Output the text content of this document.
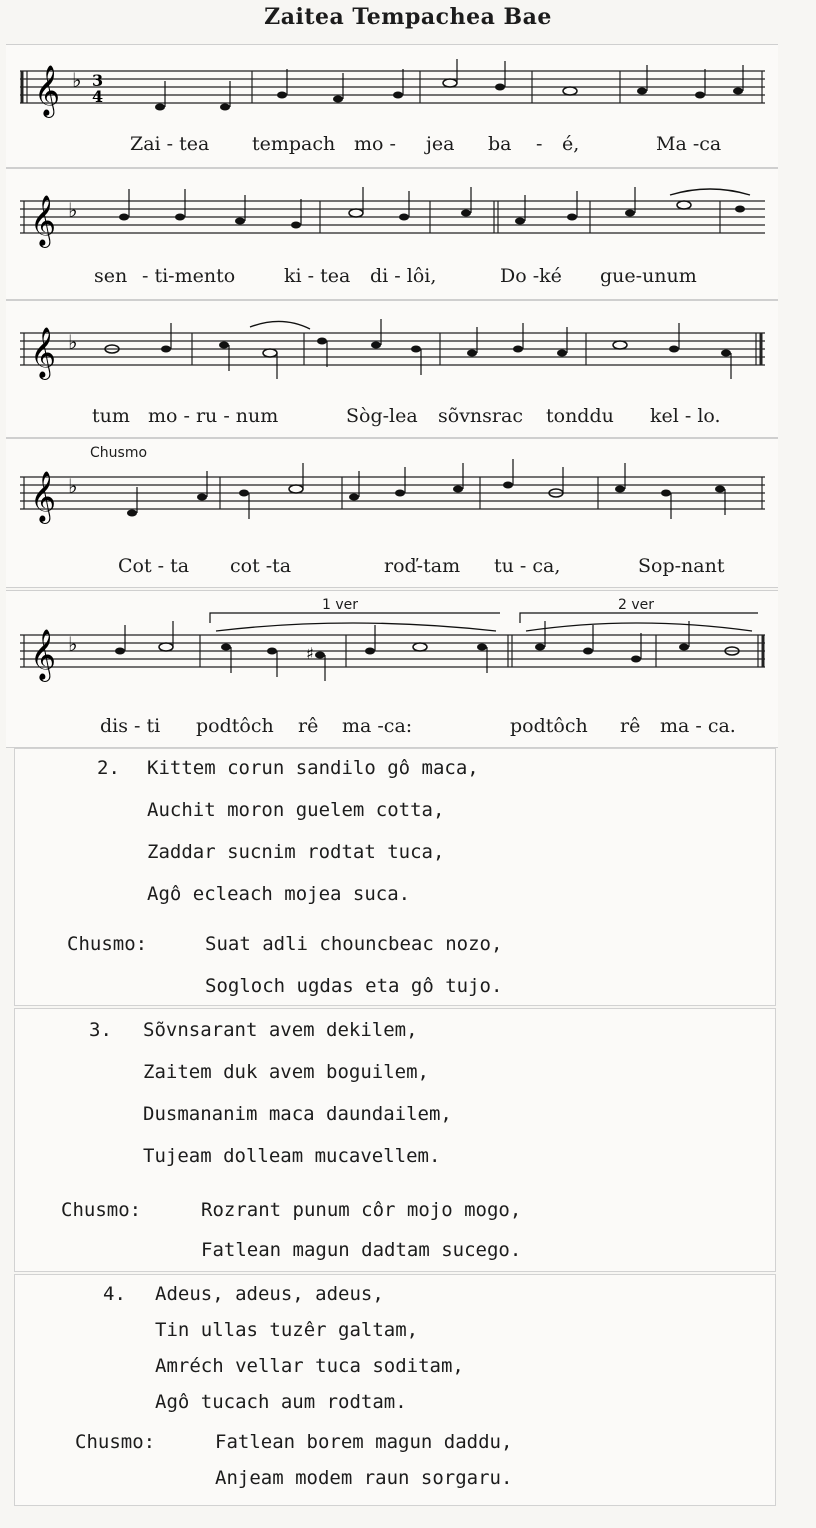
Zaitea Tempachea Bae
𝄞 ♭ 3
4
Zai - tea tempach mo - jea ba - é,	Ma -ca
𝄞 ♭
sen - ti-mento	ki - tea di - lôi,	Do -ké gue-unum
𝄞 ♭
tum mo - ru - num	Sòg-lea sõvnsrac tonddu kel - lo.
Chusmo
𝄞 ♭
Cot - ta cot -ta	roď-tam tu - ca,	Sop-nant
1 ver	2 ver
𝄞 ♭	♯
dis - ti podtôch rê ma -ca:	podtôch rê ma - ca.
2. Kittem corun sandilo gô maca,
Auchit moron guelem cotta,
Zaddar sucnim rodtat tuca,
Agô ecleach mojea suca.
Chusmo:	Suat adli chouncbeac nozo,
Sogloch ugdas eta gô tujo.
3. Sõvnsarant avem dekilem,
Zaitem duk avem boguilem,
Dusmananim maca daundailem,
Tujeam dolleam mucavellem.
Chusmo:	Rozrant punum côr mojo mogo,
Fatlean magun dadtam sucego.
4. Adeus, adeus, adeus,
Tin ullas tuzêr galtam,
Amréch vellar tuca soditam,
Agô tucach aum rodtam.
Chusmo:	Fatlean borem magun daddu,
Anjeam modem raun sorgaru.
